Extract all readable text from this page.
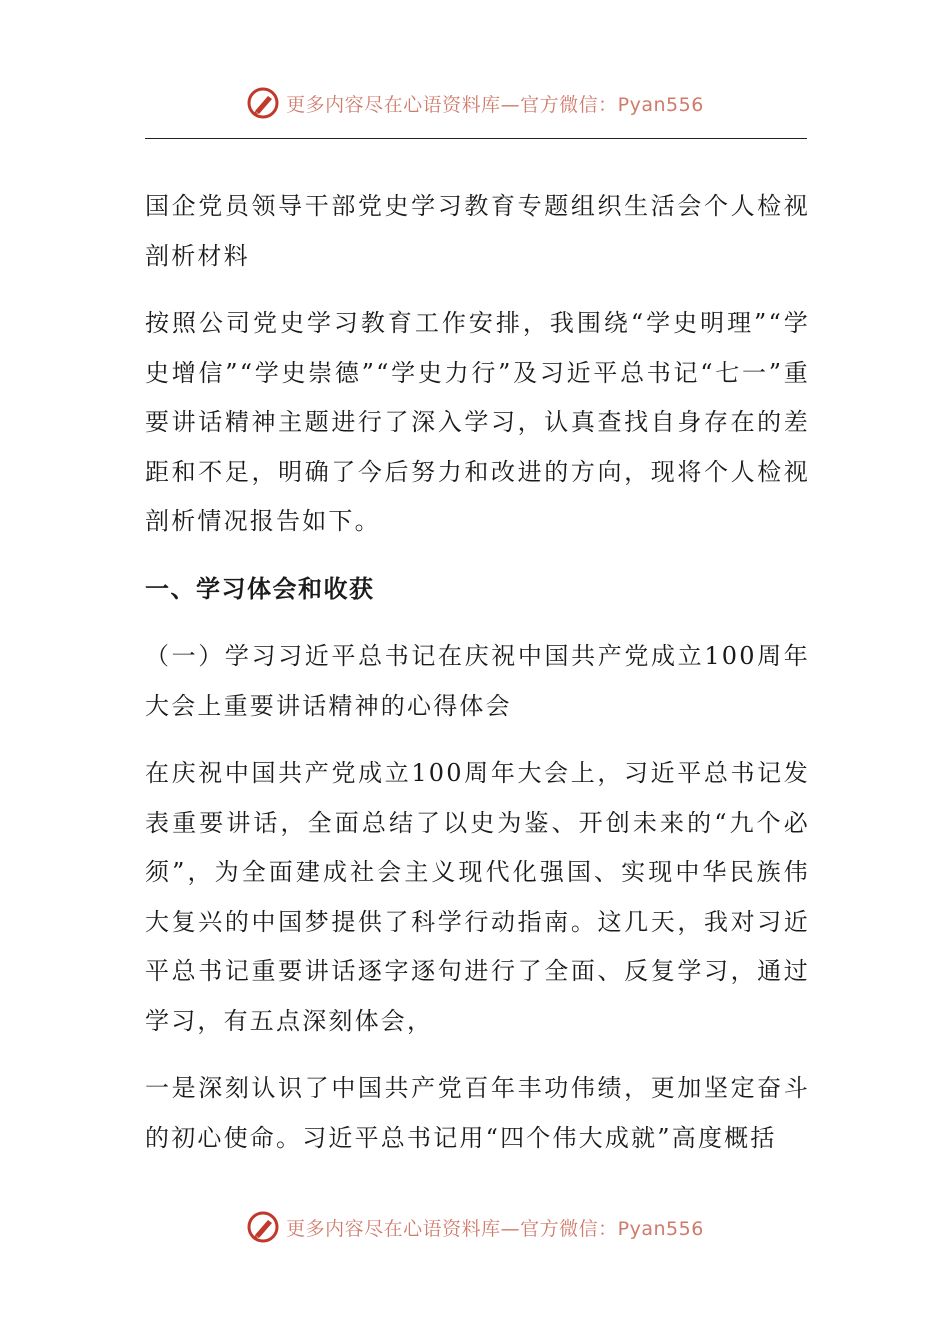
更多内容尽在心语资料库—官方微信：Pyan556

国企党员领导干部党史学习教育专题组织生活会个人检视剖析材料

按照公司党史学习教育工作安排，我围绕“学史明理”“学史增信”“学史崇德”“学史力行”及习近平总书记“七一”重要讲话精神主题进行了深入学习，认真查找自身存在的差距和不足，明确了今后努力和改进的方向，现将个人检视剖析情况报告如下。

一、学习体会和收获

（一）学习习近平总书记在庆祝中国共产党成立100周年大会上重要讲话精神的心得体会

在庆祝中国共产党成立100周年大会上，习近平总书记发表重要讲话，全面总结了以史为鉴、开创未来的“九个必须”，为全面建成社会主义现代化强国、实现中华民族伟大复兴的中国梦提供了科学行动指南。这几天，我对习近平总书记重要讲话逐字逐句进行了全面、反复学习，通过学习，有五点深刻体会，

一是深刻认识了中国共产党百年丰功伟绩，更加坚定奋斗的初心使命。习近平总书记用“四个伟大成就”高度概括

更多内容尽在心语资料库—官方微信：Pyan556
